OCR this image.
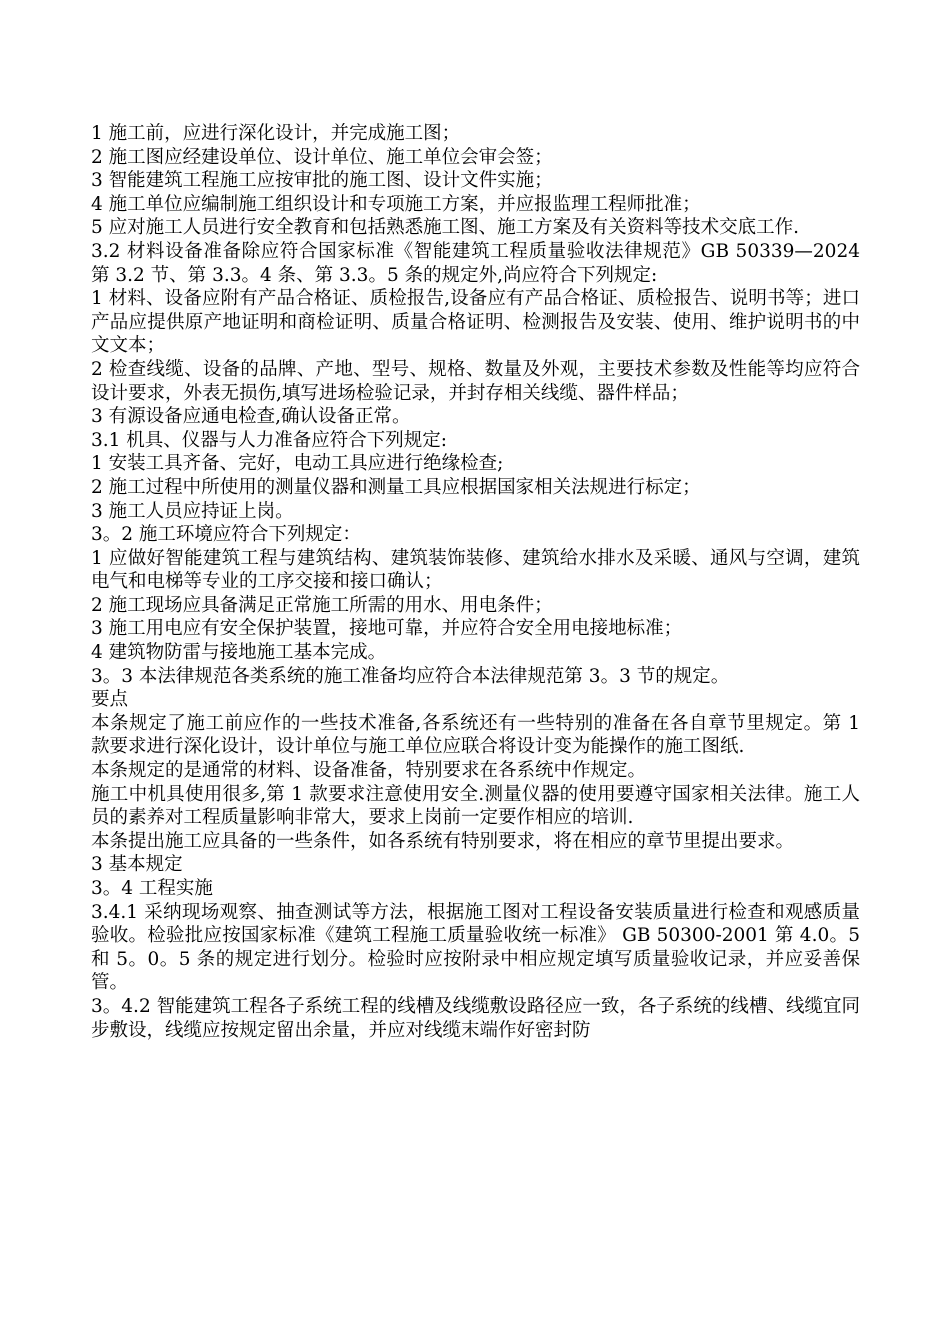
1 施工前，应进行深化设计，并完成施工图；

2 施工图应经建设单位、设计单位、施工单位会审会签；

3 智能建筑工程施工应按审批的施工图、设计文件实施；

4 施工单位应编制施工组织设计和专项施工方案，并应报监理工程师批准；

5 应对施工人员进行安全教育和包括熟悉施工图、施工方案及有关资料等技术交底工作.

3.2 材料设备准备除应符合国家标准《智能建筑工程质量验收法律规范》GB 50339—2024 第 3.2 节、第 3.3。4 条、第 3.3。5 条的规定外,尚应符合下列规定:

1 材料、设备应附有产品合格证、质检报告,设备应有产品合格证、质检报告、说明书等；进口产品应提供原产地证明和商检证明、质量合格证明、检测报告及安装、使用、维护说明书的中文文本；

2 检查线缆、设备的品牌、产地、型号、规格、数量及外观，主要技术参数及性能等均应符合设计要求，外表无损伤,填写进场检验记录，并封存相关线缆、器件样品；

3 有源设备应通电检查,确认设备正常。

3.1 机具、仪器与人力准备应符合下列规定:

1 安装工具齐备、完好，电动工具应进行绝缘检查;

2 施工过程中所使用的测量仪器和测量工具应根据国家相关法规进行标定；

3 施工人员应持证上岗。

3。2 施工环境应符合下列规定：

1 应做好智能建筑工程与建筑结构、建筑装饰装修、建筑给水排水及采暖、通风与空调，建筑电气和电梯等专业的工序交接和接口确认；

2 施工现场应具备满足正常施工所需的用水、用电条件；

3 施工用电应有安全保护装置，接地可靠，并应符合安全用电接地标准；

4 建筑物防雷与接地施工基本完成。

3。3 本法律规范各类系统的施工准备均应符合本法律规范第 3。3 节的规定。

要点

本条规定了施工前应作的一些技术准备,各系统还有一些特别的准备在各自章节里规定。第 1 款要求进行深化设计，设计单位与施工单位应联合将设计变为能操作的施工图纸.

本条规定的是通常的材料、设备准备，特别要求在各系统中作规定。

施工中机具使用很多,第 1 款要求注意使用安全.测量仪器的使用要遵守国家相关法律。施工人员的素养对工程质量影响非常大，要求上岗前一定要作相应的培训.

本条提出施工应具备的一些条件，如各系统有特别要求，将在相应的章节里提出要求。

3 基本规定

3。4 工程实施

3.4.1 采纳现场观察、抽查测试等方法，根据施工图对工程设备安装质量进行检查和观感质量验收。检验批应按国家标准《建筑工程施工质量验收统一标准》 GB 50300-2001 第 4.0。5 和 5。0。5 条的规定进行划分。检验时应按附录中相应规定填写质量验收记录，并应妥善保管。

3。4.2 智能建筑工程各子系统工程的线槽及线缆敷设路径应一致，各子系统的线槽、线缆宜同步敷设，线缆应按规定留出余量，并应对线缆末端作好密封防
